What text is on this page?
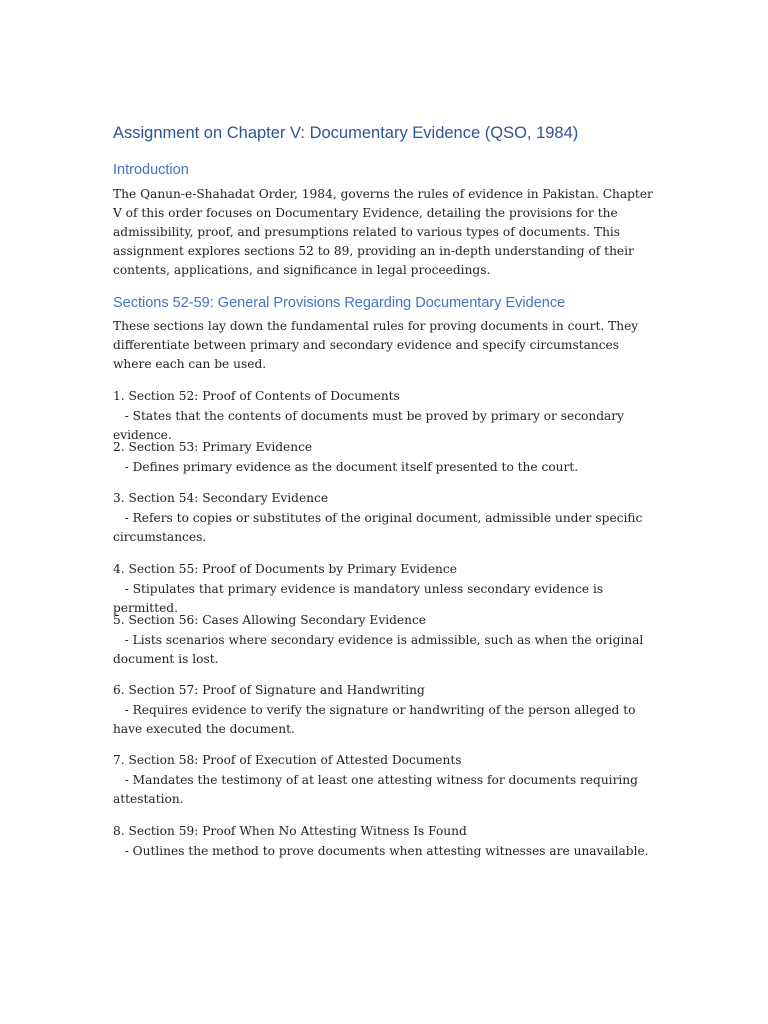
Assignment on Chapter V: Documentary Evidence (QSO, 1984)
Introduction

The Qanun-e-Shahadat Order, 1984, governs the rules of evidence in Pakistan. Chapter V of this order focuses on Documentary Evidence, detailing the provisions for the admissibility, proof, and presumptions related to various types of documents. This assignment explores sections 52 to 89, providing an in-depth understanding of their contents, applications, and significance in legal proceedings.

Sections 52-59: General Provisions Regarding Documentary Evidence

These sections lay down the fundamental rules for proving documents in court. They differentiate between primary and secondary evidence and specify circumstances where each can be used.

1. Section 52: Proof of Contents of Documents
- States that the contents of documents must be proved by primary or secondary evidence.
2. Section 53: Primary Evidence
- Defines primary evidence as the document itself presented to the court.
3. Section 54: Secondary Evidence
- Refers to copies or substitutes of the original document, admissible under specific circumstances.
4. Section 55: Proof of Documents by Primary Evidence
- Stipulates that primary evidence is mandatory unless secondary evidence is permitted.
5. Section 56: Cases Allowing Secondary Evidence
- Lists scenarios where secondary evidence is admissible, such as when the original document is lost.
6. Section 57: Proof of Signature and Handwriting
- Requires evidence to verify the signature or handwriting of the person alleged to have executed the document.
7. Section 58: Proof of Execution of Attested Documents
- Mandates the testimony of at least one attesting witness for documents requiring attestation.
8. Section 59: Proof When No Attesting Witness Is Found
- Outlines the method to prove documents when attesting witnesses are unavailable.
